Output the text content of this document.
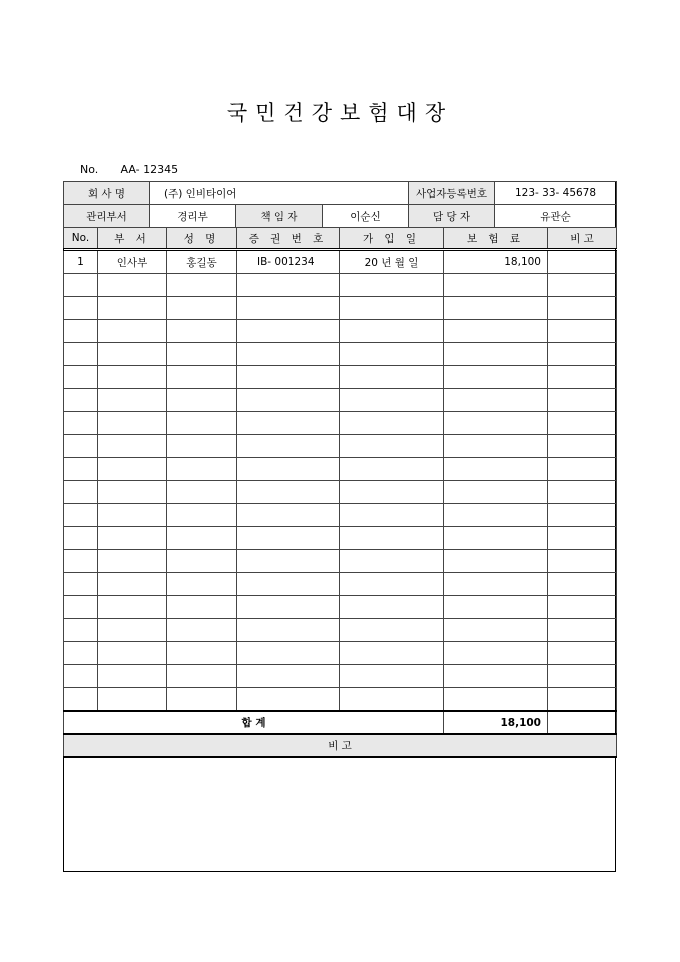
국민건강보험대장
No. AA- 12345
회 사 명	(주) 인비타이어	사업자등록번호	123- 33- 45678
관리부서	경리부	책 임 자	이순신	담 당 자	유관순
No.	부 서	성 명	증 권 번 호	가 입 일	보 험 료	비 고
1	인사부	홍길동	IB- 001234	20 년 월 일	18,100	

합 계					18,100	
비 고						
